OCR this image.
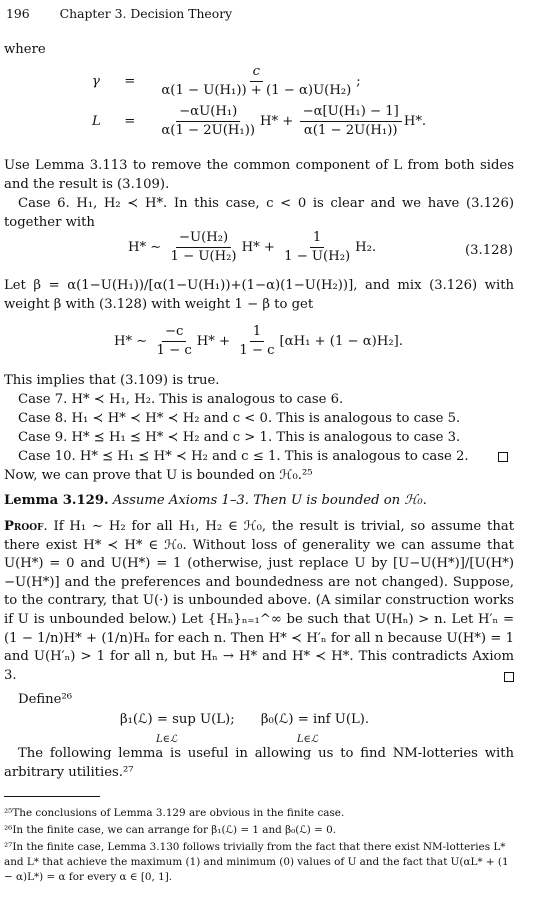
196 Chapter 3. Decision Theory
where
$\gamma = \frac{c}{\text{α(1 − U(H₁)) + (1 − α)U(H₂)}}$ ;
$L = \frac{\text{−αU(H₁)}}{\text{α(1 − 2U(H₁))}} H* + \frac{\text{−α[U(H₁) − 1]}}{\text{α(1 − 2U(H₁))}} H*$.
Use Lemma 3.113 to remove the common component of L from both sides and the result is (3.109).
Case 6. H₁, H₂ ≺ H*. In this case, c < 0 is clear and we have (3.126) together with
H* ∼ $\frac{\text{−U(H₂)}}{\text{1 − U(H₂)}} H* + \frac{1}{\text{1 − U(H₂)}} H_2$.	(3.128)
Let β = α(1−U(H₁))/[α(1−U(H₁))+(1−α)(1−U(H₂))], and mix (3.126) with weight β with (3.128) with weight 1 − β to get
H* ∼ $\frac{-c}{1 - c} H* + \frac{1}{1 - c} [\alpha H_1 + (1 - \alpha)H_2]$.
This implies that (3.109) is true.
Case 7. H* ≺ H₁, H₂. This is analogous to case 6.
Case 8. H₁ ≺ H* ≺ H* ≺ H₂ and c < 0. This is analogous to case 5.
Case 9. H* ⪯ H₁ ⪯ H* ≺ H₂ and c > 1. This is analogous to case 3.
Case 10. H* ⪯ H₁ ⪯ H* ≺ H₂ and c ≤ 1. This is analogous to case 2.
Now, we can prove that U is bounded on ℋ₀.²⁵
Lemma 3.129. Assume Axioms 1–3. Then U is bounded on ℋ₀.
Proof. If H₁ ∼ H₂ for all H₁, H₂ ∈ ℋ₀, the result is trivial, so assume that there exist H* ≺ H* ∈ ℋ₀. Without loss of generality we can assume that U(H*) = 0 and U(H*) = 1 (otherwise, just replace U by [U−U(H*)]/[U(H*)−U(H*)] and the preferences and boundedness are not changed). Suppose, to the contrary, that U(·) is unbounded above. (A similar construction works if U is unbounded below.) Let {Hₙ}ₙ₌₁^∞ be such that U(Hₙ) > n. Let H′ₙ = (1 − 1/n)H* + (1/n)Hₙ for each n. Then H* ≺ H′ₙ for all n because U(H*) = 1 and U(H′ₙ) > 1 for all n, but Hₙ → H* and H* ≺ H*. This contradicts Axiom 3.
Define²⁶
β₁(ℒ) = sup U(L);
L∈ℒ β₀(ℒ) = inf U(L).
L∈ℒ
The following lemma is useful in allowing us to find NM-lotteries with arbitrary utilities.²⁷
²⁵The conclusions of Lemma 3.129 are obvious in the finite case.
²⁶In the finite case, we can arrange for β₁(ℒ) = 1 and β₀(ℒ) = 0.
²⁷In the finite case, Lemma 3.130 follows trivially from the fact that there exist NM-lotteries L* and L* that achieve the maximum (1) and minimum (0) values of U and the fact that U(αL* + (1 − α)L*) = α for every α ∈ [0, 1].
